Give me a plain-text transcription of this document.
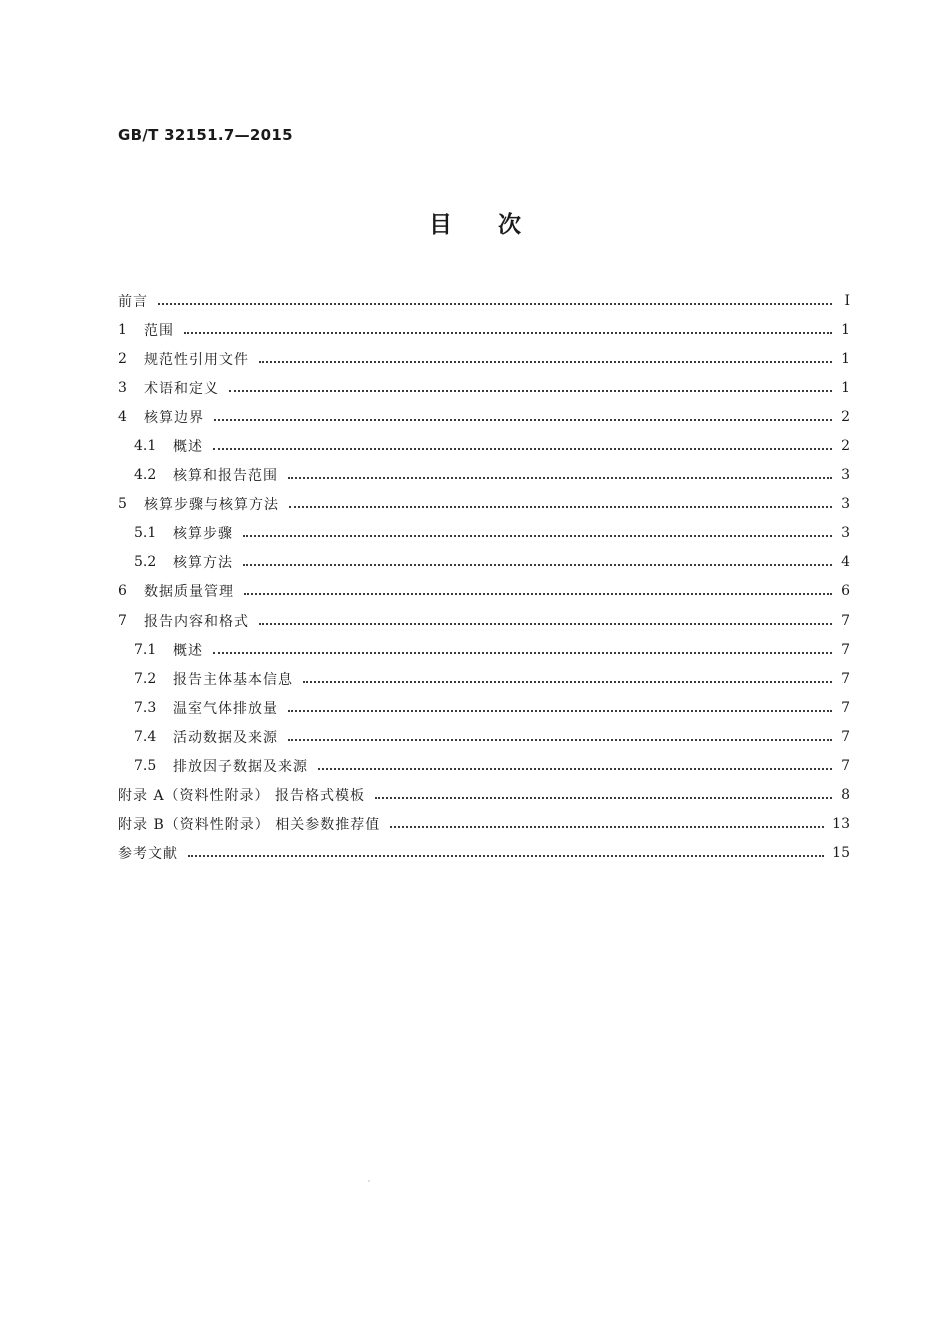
GB/T 32151.7—2015
目 次
前言	Ⅰ
1	范围	1
2	规范性引用文件	1
3	术语和定义	1
4	核算边界	2
4.1	概述	2
4.2	核算和报告范围	3
5	核算步骤与核算方法	3
5.1	核算步骤	3
5.2	核算方法	4
6	数据质量管理	6
7	报告内容和格式	7
7.1	概述	7
7.2	报告主体基本信息	7
7.3	温室气体排放量	7
7.4	活动数据及来源	7
7.5	排放因子数据及来源	7
附录 A（资料性附录） 报告格式模板	8
附录 B（资料性附录） 相关参数推荐值	13
参考文献	15
